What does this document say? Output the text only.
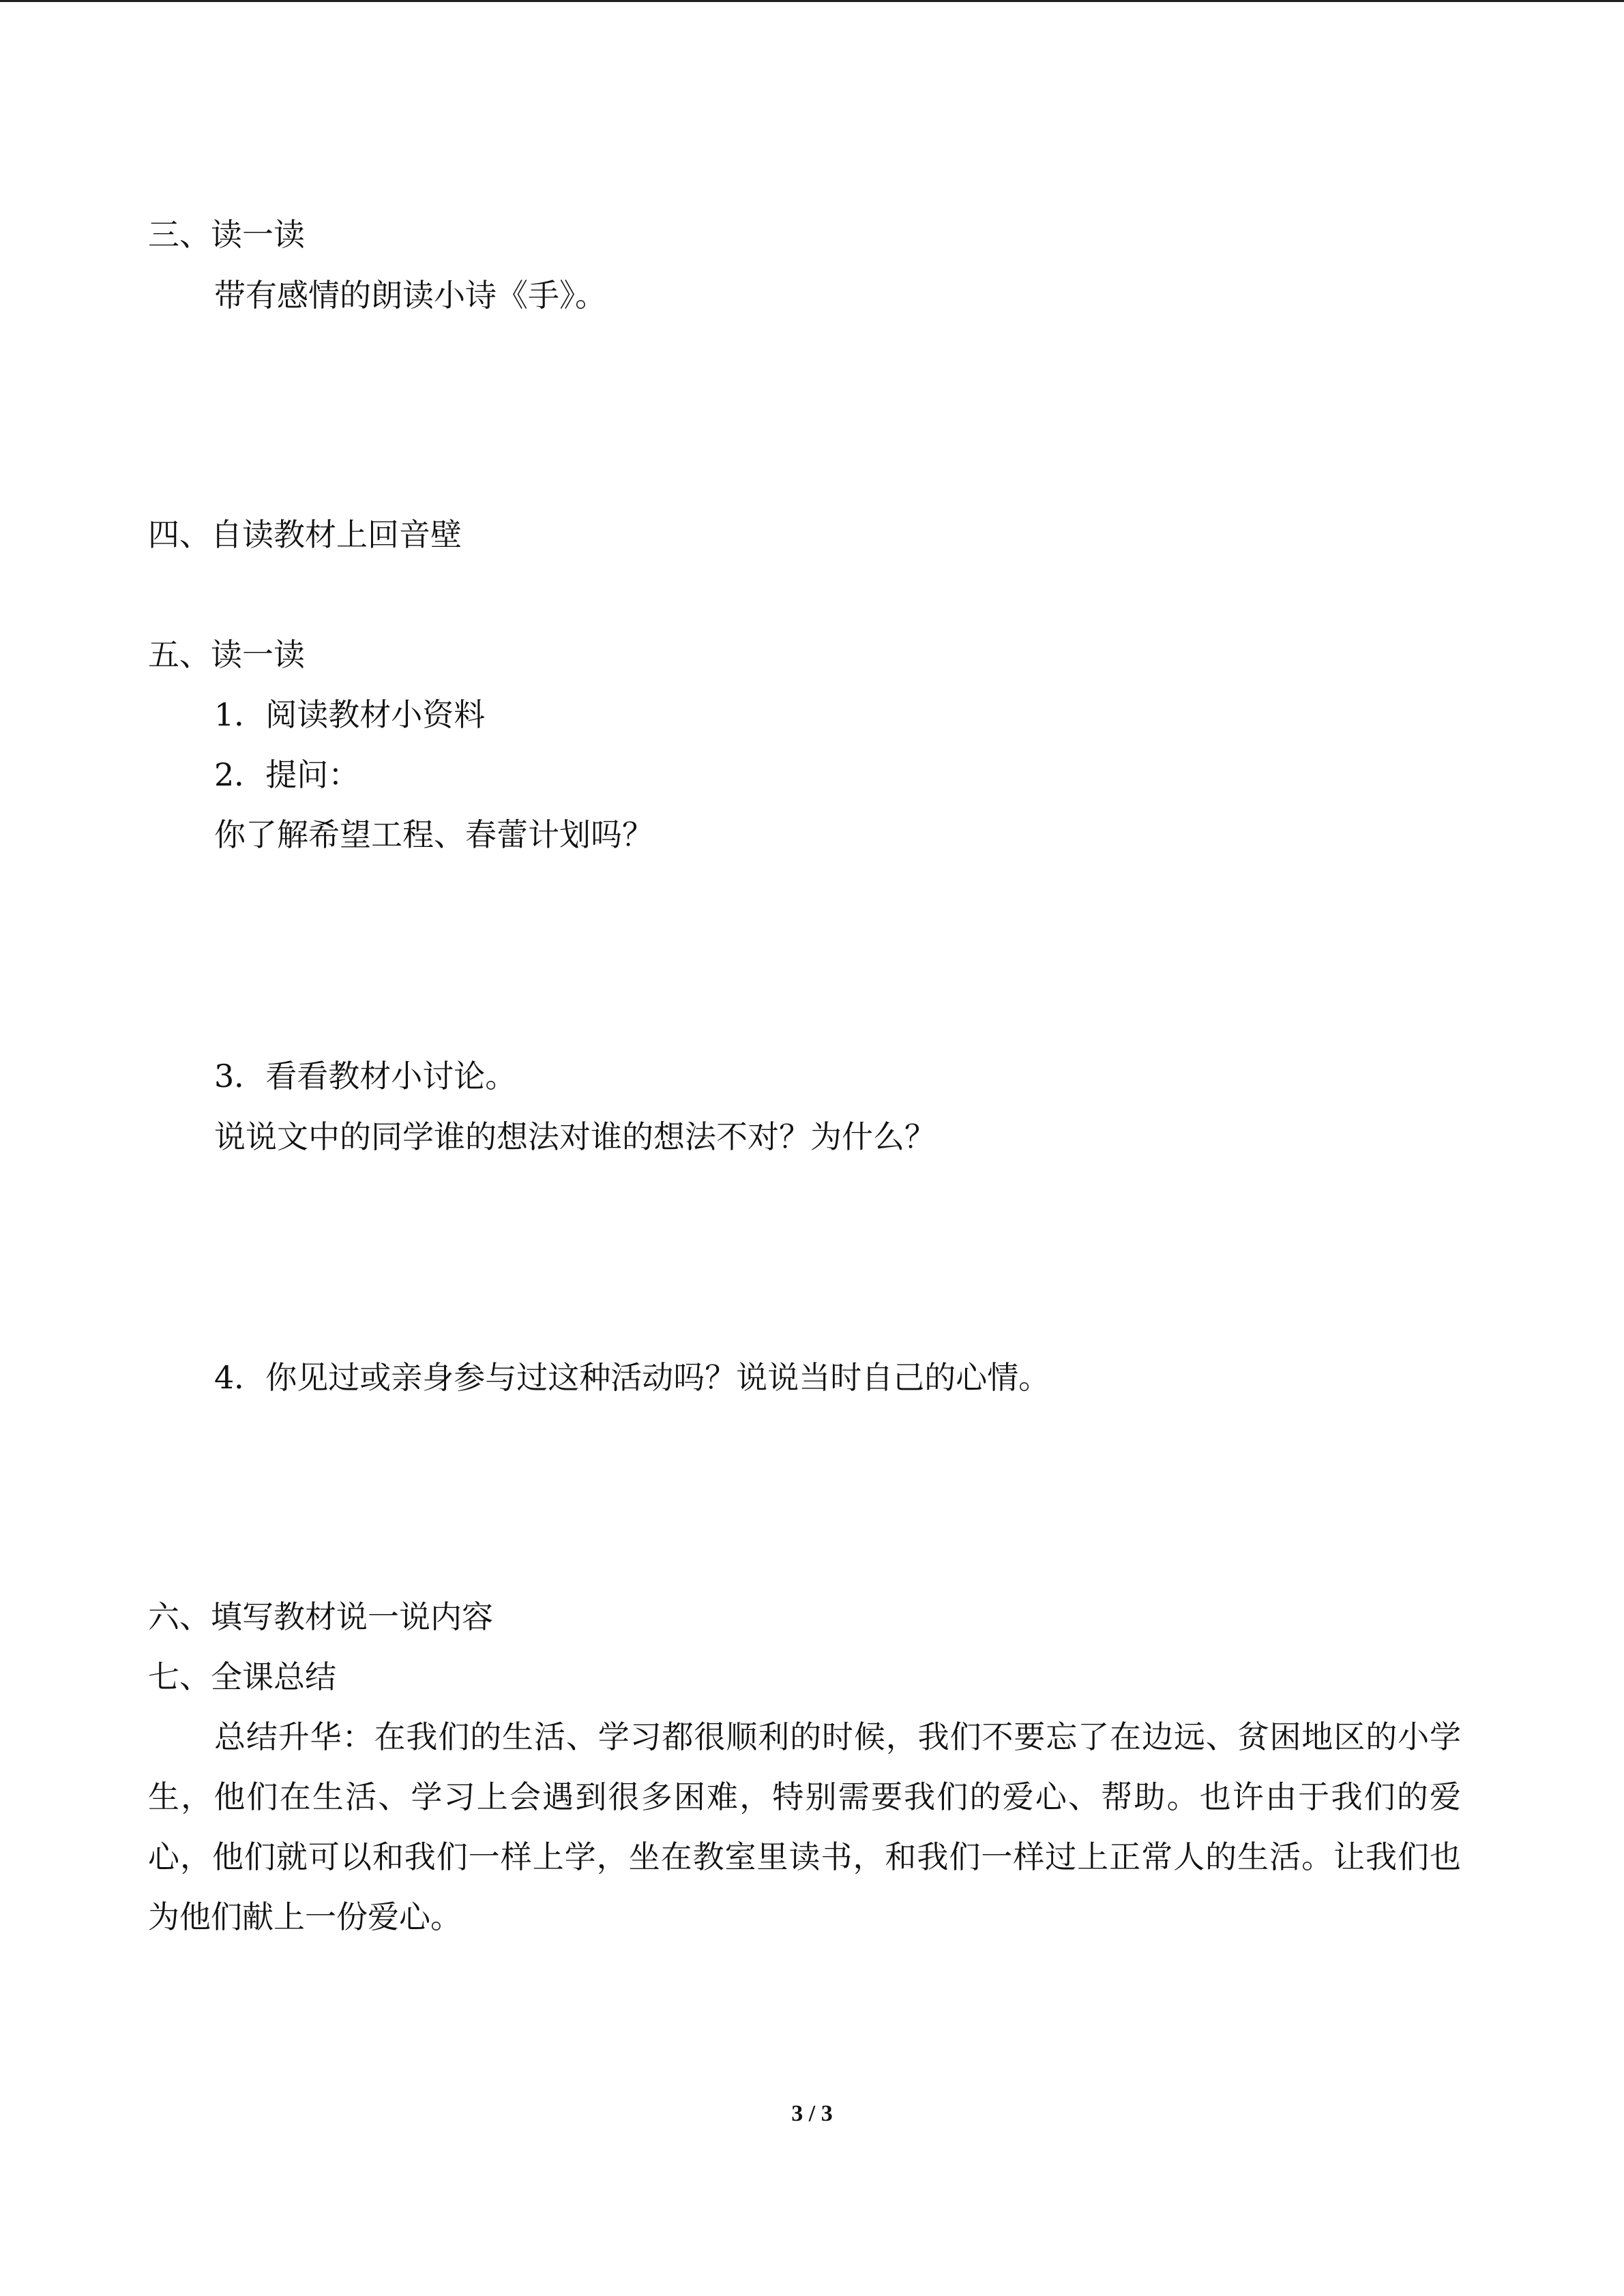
三、读一读
带有感情的朗读小诗《手》。
四、自读教材上回音壁
五、读一读
1．阅读教材小资料
2．提问：
你了解希望工程、春蕾计划吗？
3．看看教材小讨论。
说说文中的同学谁的想法对谁的想法不对？为什么？
4．你见过或亲身参与过这种活动吗？说说当时自己的心情。
六、填写教材说一说内容
七、全课总结
总结升华：在我们的生活、学习都很顺利的时候，我们不要忘了在边远、贫困地区的小学生，他们在生活、学习上会遇到很多困难，特别需要我们的爱心、帮助。也许由于我们的爱心，他们就可以和我们一样上学，坐在教室里读书，和我们一样过上正常人的生活。让我们也为他们献上一份爱心。
3 / 3
